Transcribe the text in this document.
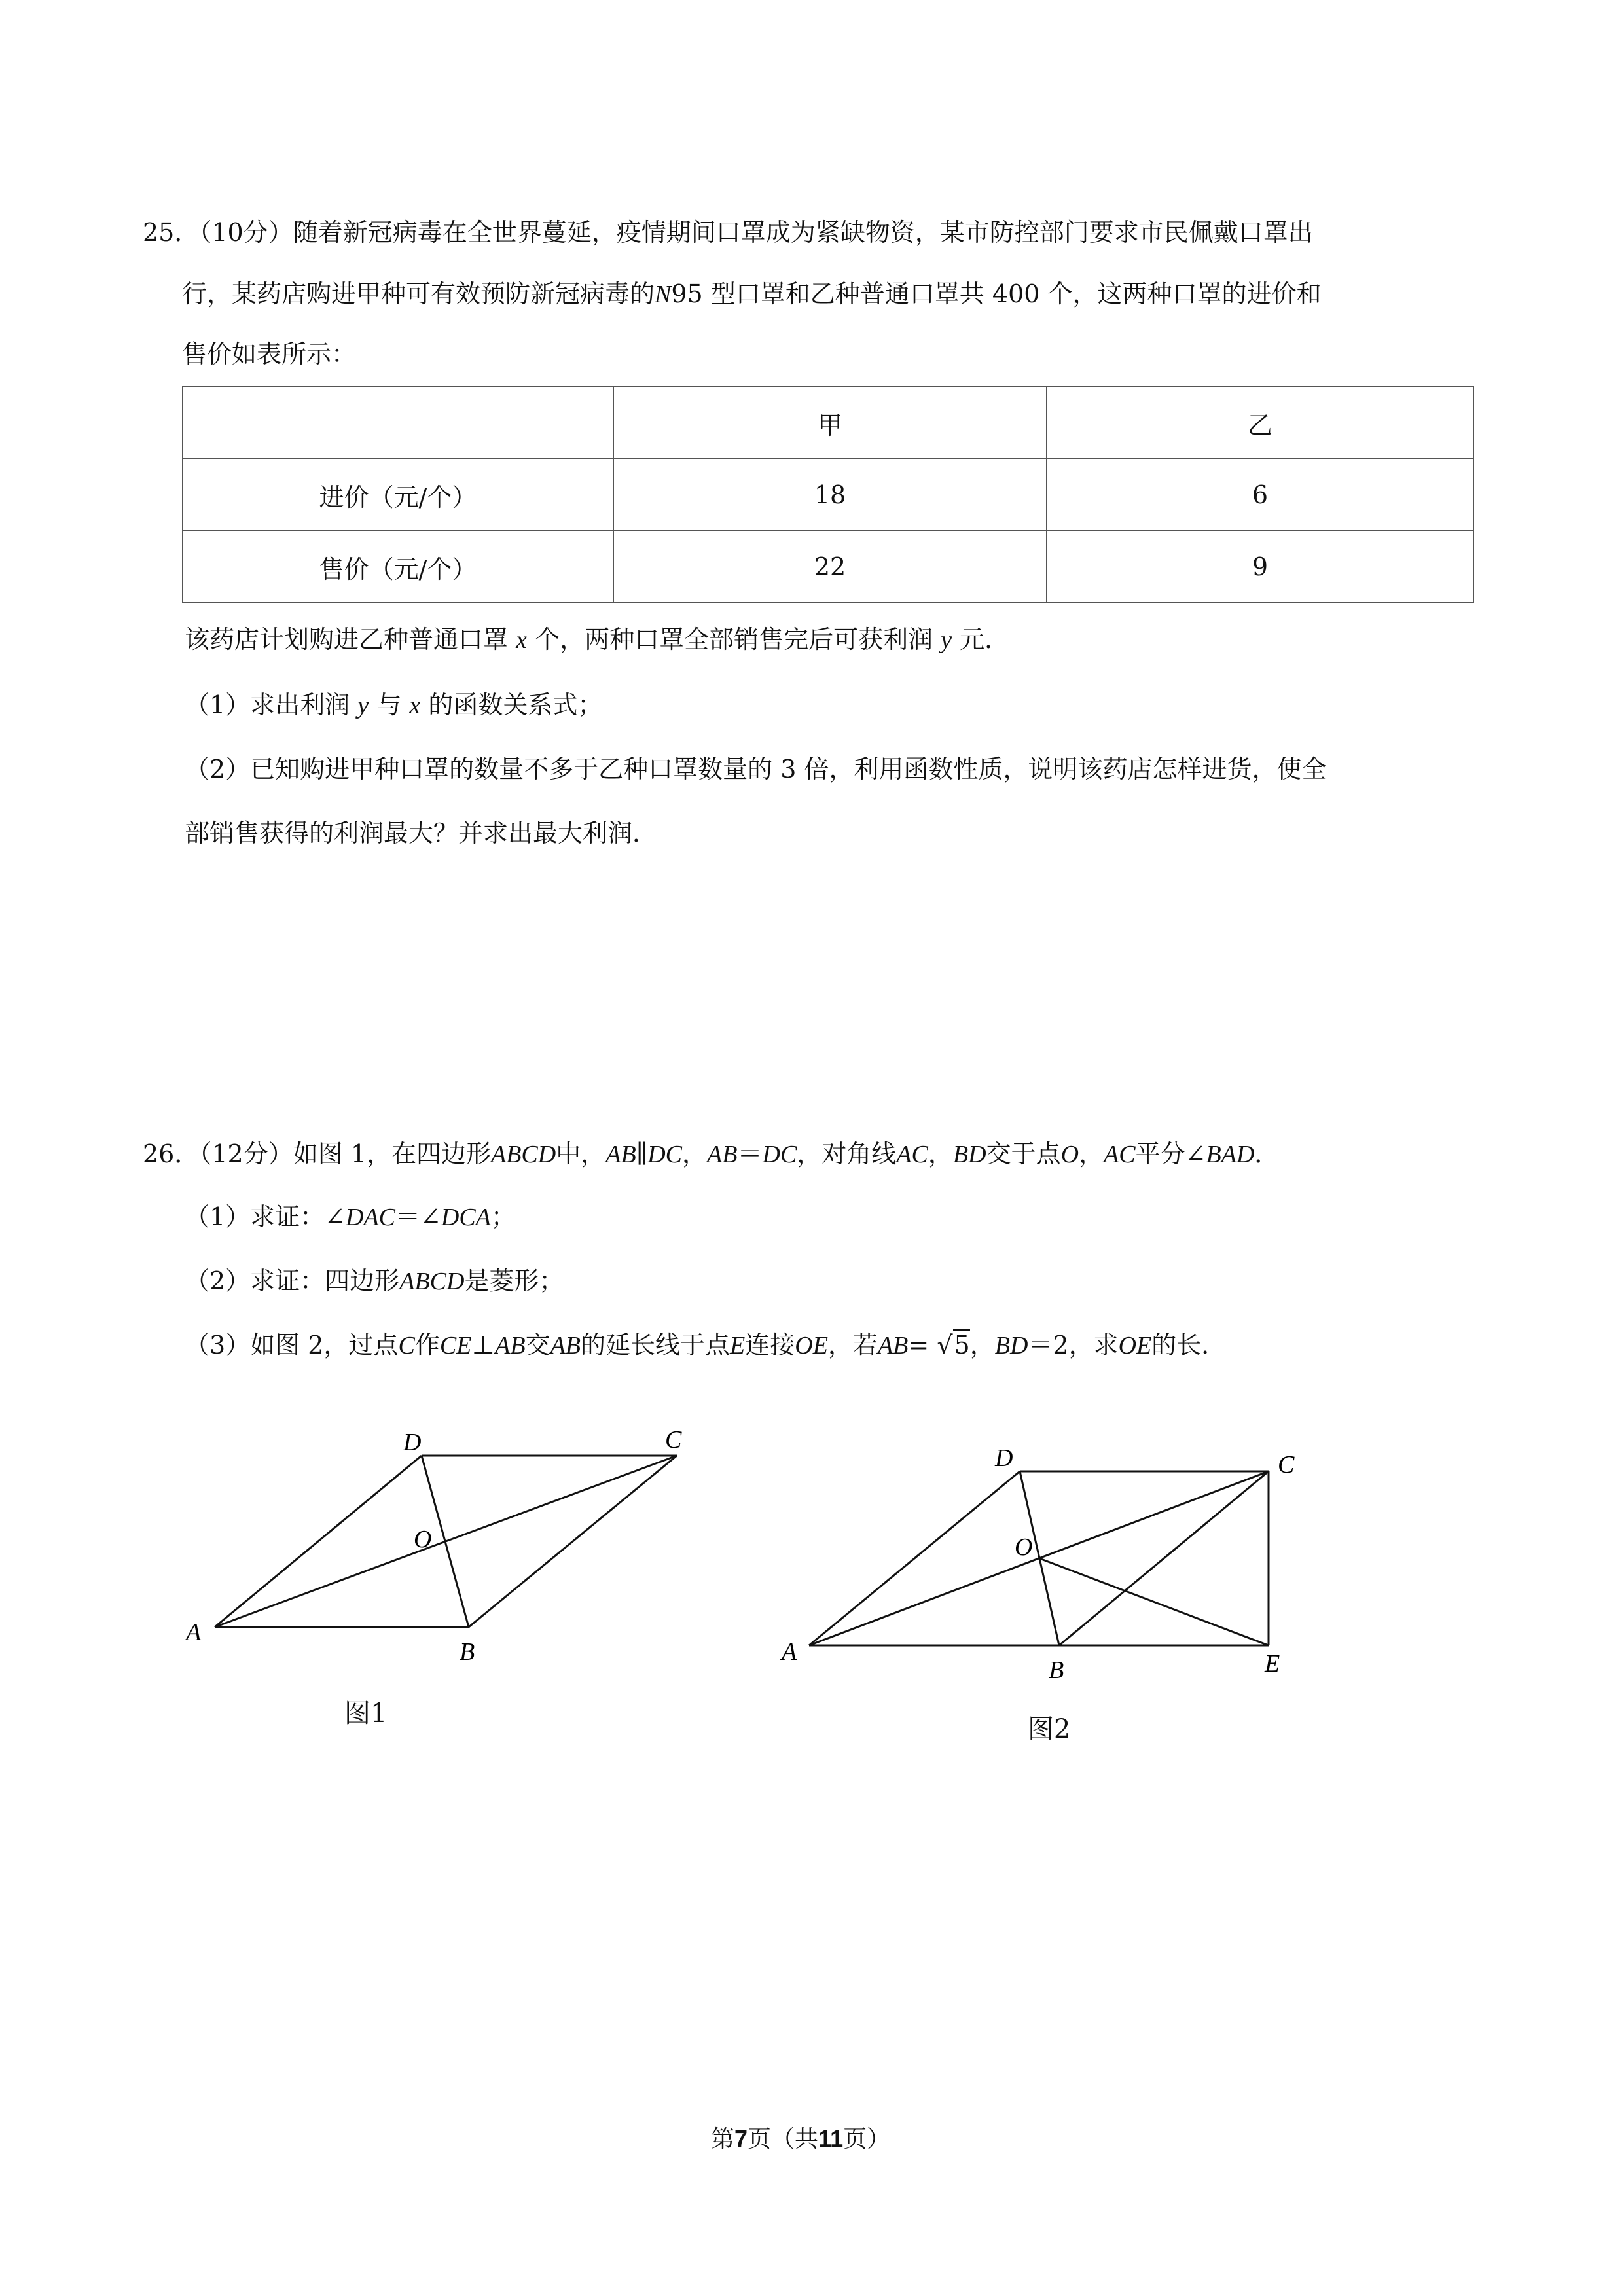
25．（10分）随着新冠病毒在全世界蔓延，疫情期间口罩成为紧缺物资，某市防控部门要求市民佩戴口罩出
行，某药店购进甲种可有效预防新冠病毒的N95 型口罩和乙种普通口罩共 400 个，这两种口罩的进价和
售价如表所示：
	甲	乙
进价（元/个）	18	6
售价（元/个）	22	9
该药店计划购进乙种普通口罩 x 个，两种口罩全部销售完后可获利润 y 元．
（1）求出利润 y 与 x 的函数关系式；
（2）已知购进甲种口罩的数量不多于乙种口罩数量的 3 倍，利用函数性质，说明该药店怎样进货，使全
部销售获得的利润最大？并求出最大利润．
26．（12分）如图 1，在四边形ABCD中，AB∥DC，AB＝DC，对角线AC，BD交于点O，AC平分∠BAD．
（1）求证：∠DAC＝∠DCA；
（2）求证：四边形ABCD是菱形；
（3）如图 2，过点C作CE⊥AB交AB的延长线于点E连接OE，若AB= √5，BD＝2，求OE的长．
A
B
C
D
O
图1
A
B
C
D
O
E
图2
第7页（共11页）
